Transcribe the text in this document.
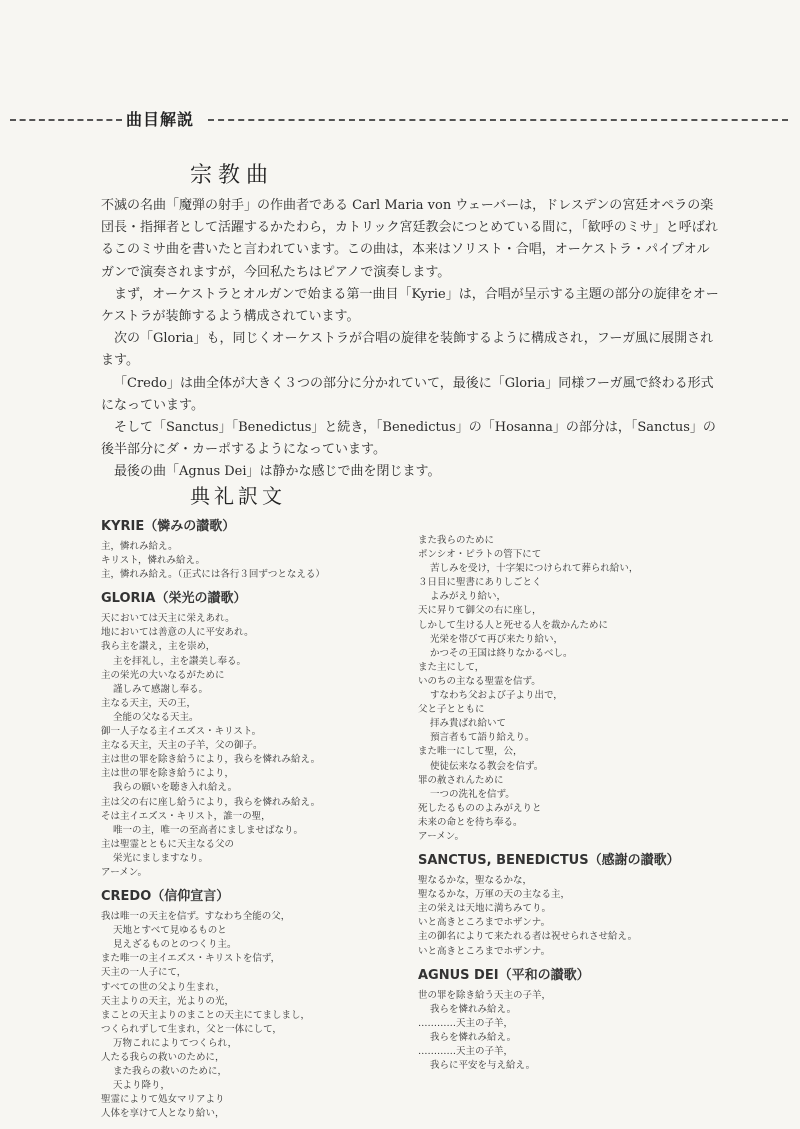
曲目解説
宗教曲

不滅の名曲「魔弾の射手」の作曲者である Carl Maria von ウェーバーは，ドレスデンの宮廷オペラの楽団長・指揮者として活躍するかたわら，カトリック宮廷教会につとめている間に，「歓呼のミサ」と呼ばれるこのミサ曲を書いたと言われています。この曲は，本来はソリスト・合唱，オーケストラ・パイプオルガンで演奏されますが，今回私たちはピアノで演奏します。

まず，オーケストラとオルガンで始まる第一曲目「Kyrie」は，合唱が呈示する主題の部分の旋律をオーケストラが装飾するよう構成されています。

次の「Gloria」も，同じくオーケストラが合唱の旋律を装飾するように構成され，フーガ風に展開されます。

「Credo」は曲全体が大きく３つの部分に分かれていて，最後に「Gloria」同様フーガ風で終わる形式になっています。

そして「Sanctus」「Benedictus」と続き，「Benedictus」の「Hosanna」の部分は，「Sanctus」の後半部分にダ・カーポするようになっています。

最後の曲「Agnus Dei」は静かな感じで曲を閉じます。

典礼訳文
KYRIE（憐みの讃歌）
主，憐れみ給え。
キリスト，憐れみ給え。
主，憐れみ給え。（正式には各行３回ずつとなえる）
GLORIA（栄光の讃歌）
天においては天主に栄えあれ。
地においては善意の人に平安あれ。
我ら主を讃え，主を崇め，
主を拝礼し，主を讃美し奉る。
主の栄光の大いなるがために
謹しみて感謝し奉る。
主なる天主，天の王，
全能の父なる天主。
御一人子なる主イエズス・キリスト。
主なる天主，天主の子羊，父の御子。
主は世の罪を除き給うにより，我らを憐れみ給え。
主は世の罪を除き給うにより，
我らの願いを聴き入れ給え。
主は父の右に座し給うにより，我らを憐れみ給え。
そは主イエズス・キリスト，誰一の聖，
唯一の主，唯一の至高者にましませばなり。
主は聖霊とともに天主なる父の
栄光にましますなり。
アーメン。
CREDO（信仰宣言）
我は唯一の天主を信ず。すなわち全能の父，
天地とすべて見ゆるものと
見えざるものとのつくり主。
また唯一の主イエズス・キリストを信ず，
天主の一人子にて，
すべての世の父より生まれ，
天主よりの天主，光よりの光，
まことの天主よりのまことの天主にてましまし，
つくられずして生まれ，父と一体にして，
万物これによりてつくられ，
人たる我らの救いのために，
また我らの救いのために，
天より降り，
聖霊によりて処女マリアより
人体を享けて人となり給い，
また我らのために
ポンシオ・ピラトの管下にて
苦しみを受け，十字架につけられて葬られ給い，
３日目に聖書にありしごとく
よみがえり給い，
天に昇りて御父の右に座し，
しかして生ける人と死せる人を裁かんために
光栄を帯びて再び来たり給い，
かつその王国は終りなかるべし。
また主にして，
いのちの主なる聖霊を信ず。
すなわち父および子より出で，
父と子とともに
拝み貴ばれ給いて
預言者もて語り給えり。
また唯一にして聖，公，
使徒伝来なる教会を信ず。
罪の赦されんために
一つの洗礼を信ず。
死したるもののよみがえりと
未来の命とを待ち奉る。
アーメン。
SANCTUS, BENEDICTUS（感謝の讃歌）
聖なるかな，聖なるかな，
聖なるかな，万軍の天の主なる主，
主の栄えは天地に満ちみてり。
いと高きところまでホザンナ。
主の御名によりて来たれる者は祝せられさせ給え。
いと高きところまでホザンナ。
AGNUS DEI（平和の讃歌）
世の罪を除き給う天主の子羊，
我らを憐れみ給え。
…………天主の子羊，
我らを憐れみ給え。
…………天主の子羊，
我らに平安を与え給え。
